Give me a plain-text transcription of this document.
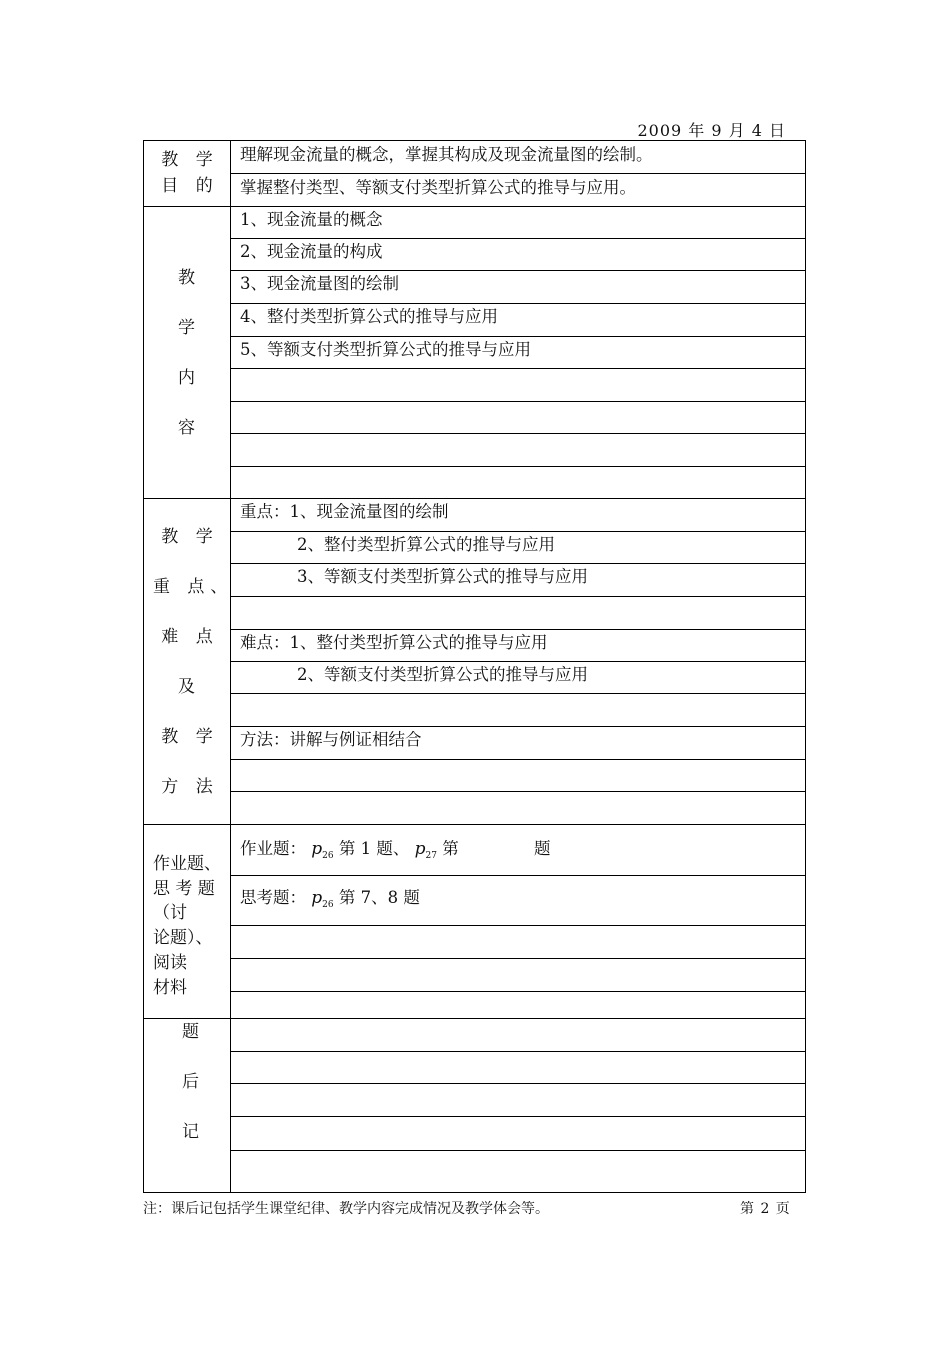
2009 年 9 月 4 日
教 学
目 的
理解现金流量的概念，掌握其构成及现金流量图的绘制。
掌握整付类型、等额支付类型折算公式的推导与应用。
教
学
内
容
1、现金流量的概念
2、现金流量的构成
3、现金流量图的绘制
4、整付类型折算公式的推导与应用
5、等额支付类型折算公式的推导与应用
教 学
重 点、
难 点
及
教 学
方 法
重点：1、现金流量图的绘制
2、整付类型折算公式的推导与应用
3、等额支付类型折算公式的推导与应用
难点：1、整付类型折算公式的推导与应用
2、等额支付类型折算公式的推导与应用
方法：讲解与例证相结合
作业题、
思 考 题
（讨
论题）、
阅读
材料
作业题： $p_{26}$ 第 1 题、 $p_{27}$ 第	题
思考题： $p_{26}$ 第 7、8 题
题
后
记
注：课后记包括学生课堂纪律、教学内容完成情况及教学体会等。	第 2 页
